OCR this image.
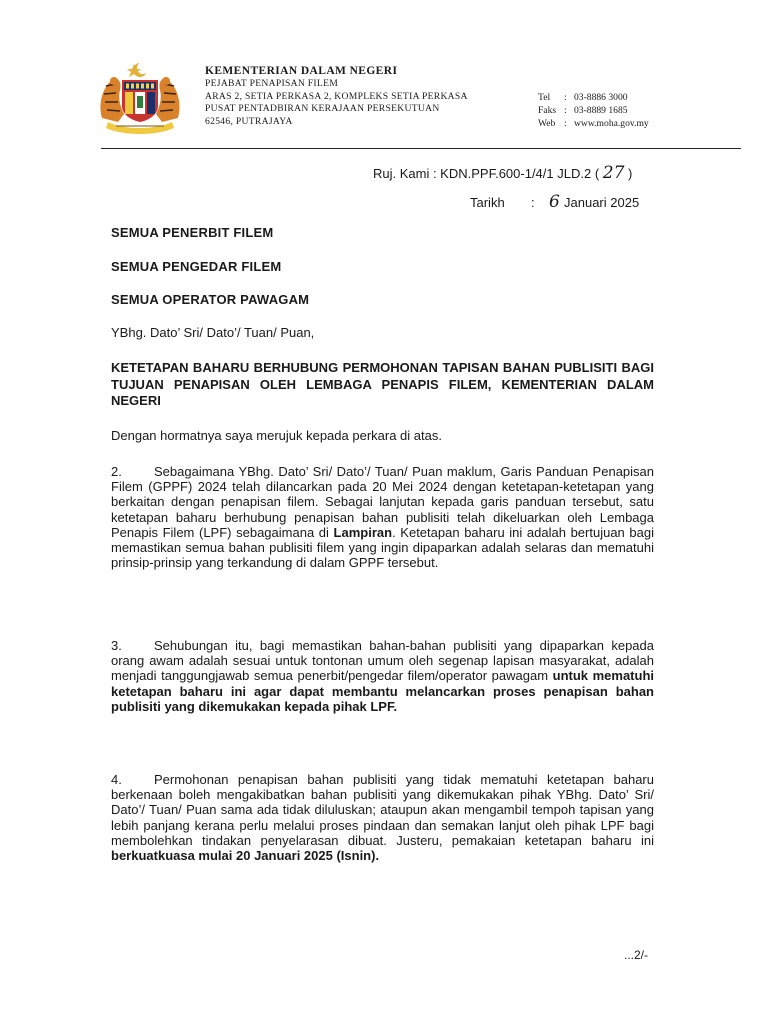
KEMENTERIAN DALAM NEGERI
PEJABAT PENAPISAN FILEM
ARAS 2, SETIA PERKASA 2, KOMPLEKS SETIA PERKASA
PUSAT PENTADBIRAN KERAJAAN PERSEKUTUAN
62546, PUTRAJAYA
Tel	: 03-8886 3000
Faks : 03-8889 1685
Web : www.moha.gov.my
Ruj. Kami : KDN.PPF.600-1/4/1 JLD.2 ( 27 )
Tarikh	: 6 Januari 2025
SEMUA PENERBIT FILEM
SEMUA PENGEDAR FILEM
SEMUA OPERATOR PAWAGAM
YBhg. Dato’ Sri/ Dato’/ Tuan/ Puan,
KETETAPAN BAHARU BERHUBUNG PERMOHONAN TAPISAN BAHAN PUBLISITI BAGI TUJUAN PENAPISAN OLEH LEMBAGA PENAPIS FILEM, KEMENTERIAN DALAM NEGERI
Dengan hormatnya saya merujuk kepada perkara di atas.
2. Sebagaimana YBhg. Dato’ Sri/ Dato’/ Tuan/ Puan maklum, Garis Panduan Penapisan Filem (GPPF) 2024 telah dilancarkan pada 20 Mei 2024 dengan ketetapan-ketetapan yang berkaitan dengan penapisan filem. Sebagai lanjutan kepada garis panduan tersebut, satu ketetapan baharu berhubung penapisan bahan publisiti telah dikeluarkan oleh Lembaga Penapis Filem (LPF) sebagaimana di Lampiran. Ketetapan baharu ini adalah bertujuan bagi memastikan semua bahan publisiti filem yang ingin dipaparkan adalah selaras dan mematuhi prinsip-prinsip yang terkandung di dalam GPPF tersebut.
3. Sehubungan itu, bagi memastikan bahan-bahan publisiti yang dipaparkan kepada orang awam adalah sesuai untuk tontonan umum oleh segenap lapisan masyarakat, adalah menjadi tanggungjawab semua penerbit/pengedar filem/operator pawagam untuk mematuhi ketetapan baharu ini agar dapat membantu melancarkan proses penapisan bahan publisiti yang dikemukakan kepada pihak LPF.
4. Permohonan penapisan bahan publisiti yang tidak mematuhi ketetapan baharu berkenaan boleh mengakibatkan bahan publisiti yang dikemukakan pihak YBhg. Dato’ Sri/ Dato’/ Tuan/ Puan sama ada tidak diluluskan; ataupun akan mengambil tempoh tapisan yang lebih panjang kerana perlu melalui proses pindaan dan semakan lanjut oleh pihak LPF bagi membolehkan tindakan penyelarasan dibuat. Justeru, pemakaian ketetapan baharu ini berkuatkuasa mulai 20 Januari 2025 (Isnin).
...2/-
